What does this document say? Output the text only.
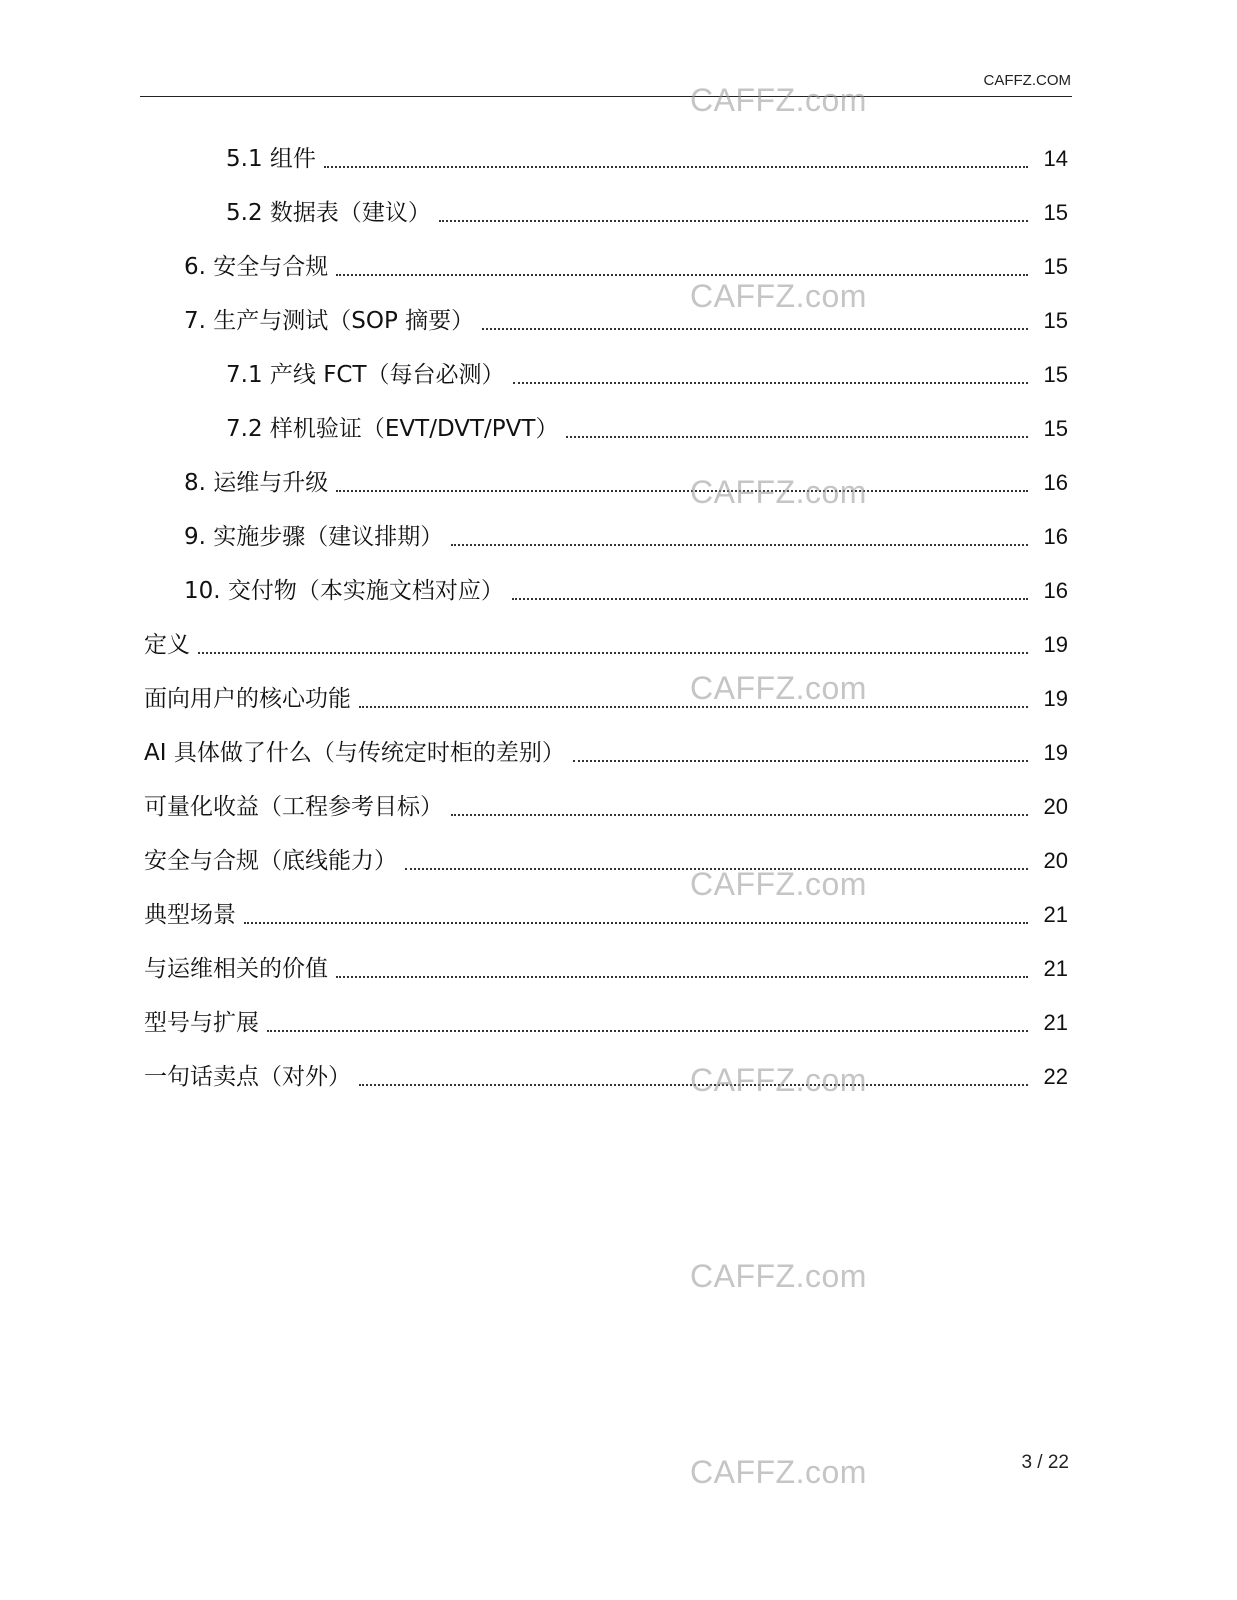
CAFFZ.COM
5.1 组件	14
5.2 数据表（建议）	15
6. 安全与合规	15
7. 生产与测试（SOP 摘要）	15
7.1 产线 FCT（每台必测）	15
7.2 样机验证（EVT/DVT/PVT）	15
8. 运维与升级	16
9. 实施步骤（建议排期）	16
10. 交付物（本实施文档对应）	16
定义	19
面向用户的核心功能	19
AI 具体做了什么（与传统定时柜的差别）	19
可量化收益（工程参考目标）	20
安全与合规（底线能力）	20
典型场景	21
与运维相关的价值	21
型号与扩展	21
一句话卖点（对外）	22
CAFFZ.com
CAFFZ.com
CAFFZ.com
CAFFZ.com
CAFFZ.com
CAFFZ.com
CAFFZ.com
CAFFZ.com	3 / 22
